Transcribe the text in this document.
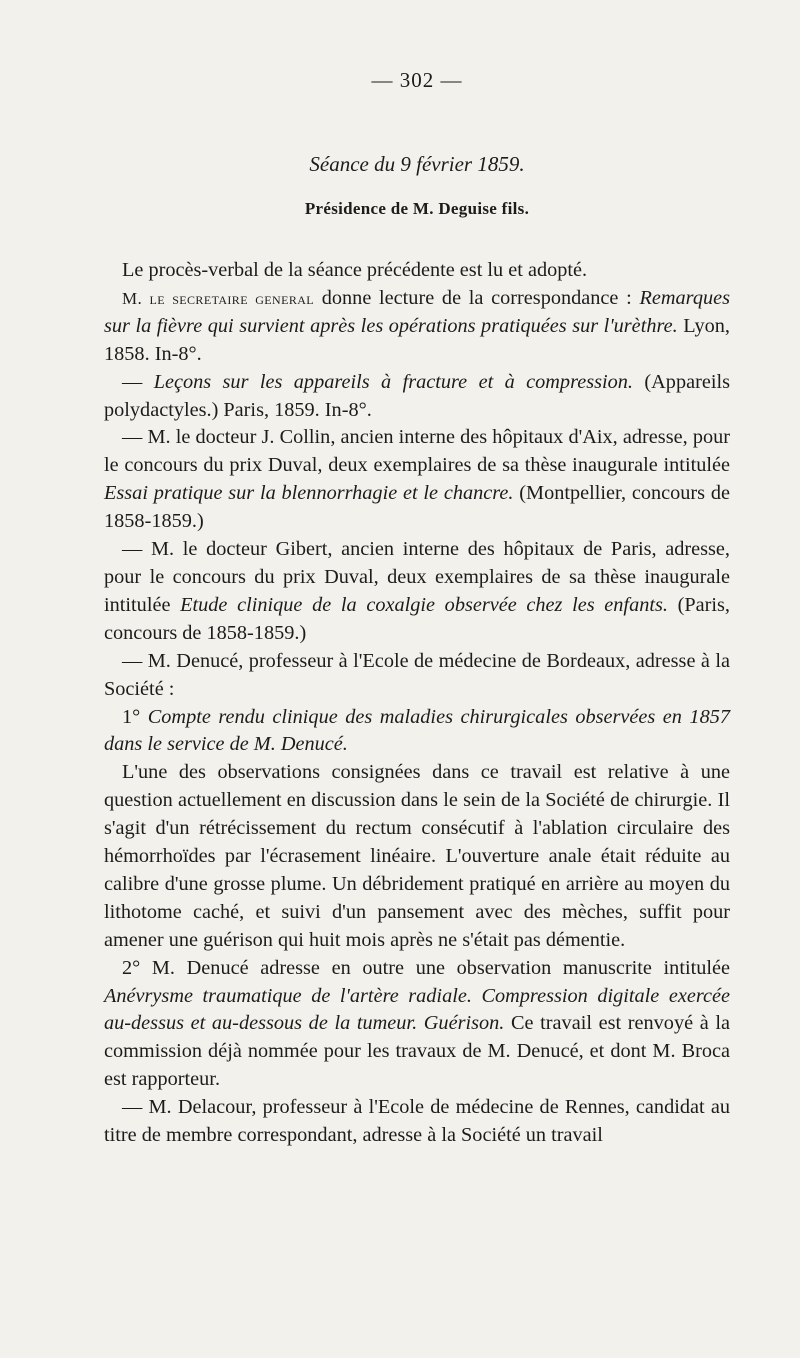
— 302 —
Séance du 9 février 1859.
Présidence de M. Deguise fils.

Le procès-verbal de la séance précédente est lu et adopté.

M. le secretaire general donne lecture de la correspondance : Remarques sur la fièvre qui survient après les opérations pratiquées sur l'urèthre. Lyon, 1858. In-8°.

— Leçons sur les appareils à fracture et à compression. (Appareils polydactyles.) Paris, 1859. In-8°.

— M. le docteur J. Collin, ancien interne des hôpitaux d'Aix, adresse, pour le concours du prix Duval, deux exemplaires de sa thèse inaugurale intitulée Essai pratique sur la blennorrhagie et le chancre. (Montpellier, concours de 1858-1859.)

— M. le docteur Gibert, ancien interne des hôpitaux de Paris, adresse, pour le concours du prix Duval, deux exemplaires de sa thèse inaugurale intitulée Etude clinique de la coxalgie observée chez les enfants. (Paris, concours de 1858-1859.)

— M. Denucé, professeur à l'Ecole de médecine de Bordeaux, adresse à la Société :

1° Compte rendu clinique des maladies chirurgicales observées en 1857 dans le service de M. Denucé.

L'une des observations consignées dans ce travail est relative à une question actuellement en discussion dans le sein de la Société de chirurgie. Il s'agit d'un rétrécissement du rectum consécutif à l'ablation circulaire des hémorrhoïdes par l'écrasement linéaire. L'ouverture anale était réduite au calibre d'une grosse plume. Un débridement pratiqué en arrière au moyen du lithotome caché, et suivi d'un pansement avec des mèches, suffit pour amener une guérison qui huit mois après ne s'était pas démentie.

2° M. Denucé adresse en outre une observation manuscrite intitulée Anévrysme traumatique de l'artère radiale. Compression digitale exercée au-dessus et au-dessous de la tumeur. Guérison. Ce travail est renvoyé à la commission déjà nommée pour les travaux de M. Denucé, et dont M. Broca est rapporteur.

— M. Delacour, professeur à l'Ecole de médecine de Rennes, candidat au titre de membre correspondant, adresse à la Société un travail
